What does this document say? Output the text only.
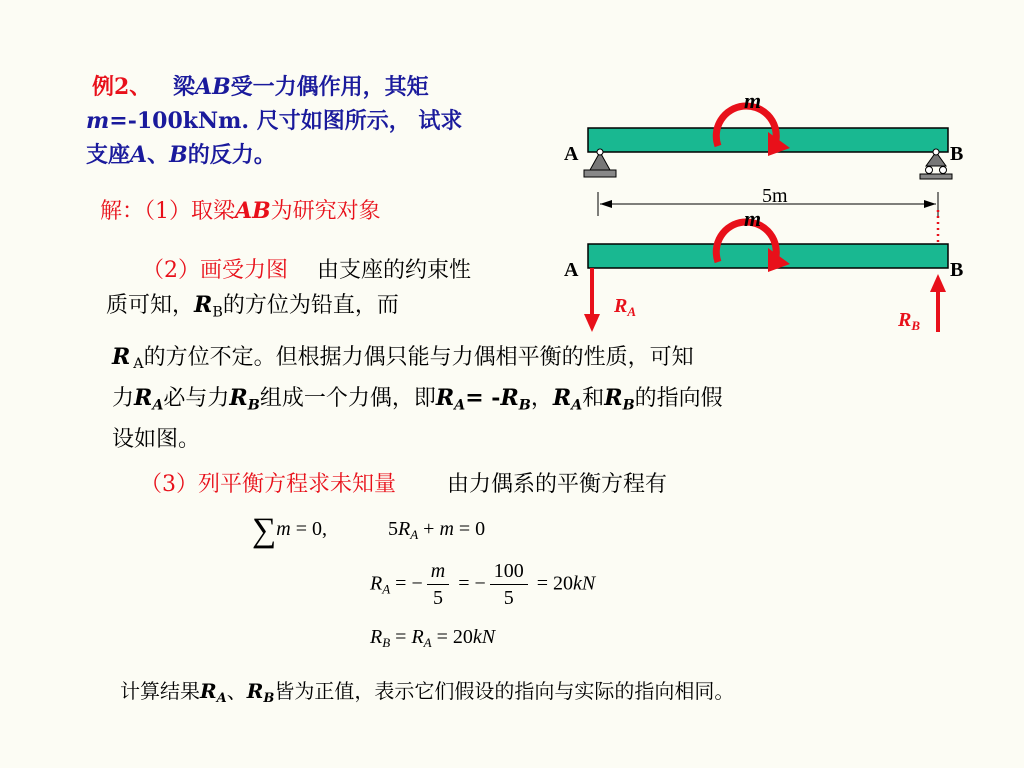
例2、 梁AB受一力偶作用，其矩
m=-100kNm. 尺寸如图所示， 试求
支座A、B的反力。
解：（1）取梁AB为研究对象
（2）画受力图 由支座的约束性
质可知，$R_B$的方位为铅直，而
R $_A$的方位不定。但根据力偶只能与力偶相平衡的性质，可知
力$R_A$必与力$R_B$组成一个力偶，即$R_A= -R_B$，$R_A$和$R_B$的指向假
设如图。
（3）列平衡方程求未知量 由力偶系的平衡方程有
∑m = 0,	$5R_A + m = 0$
$R_A$ = − $\frac{m}{5}$ = − $\frac{100}{5} = 20kN$
$R_B = R_A = 20kN$
计算结果$R_A$、$R_B$皆为正值，表示它们假设的指向与实际的指向相同。
m
A	B
5m
m
A	B
$R_A$	$R_B$
